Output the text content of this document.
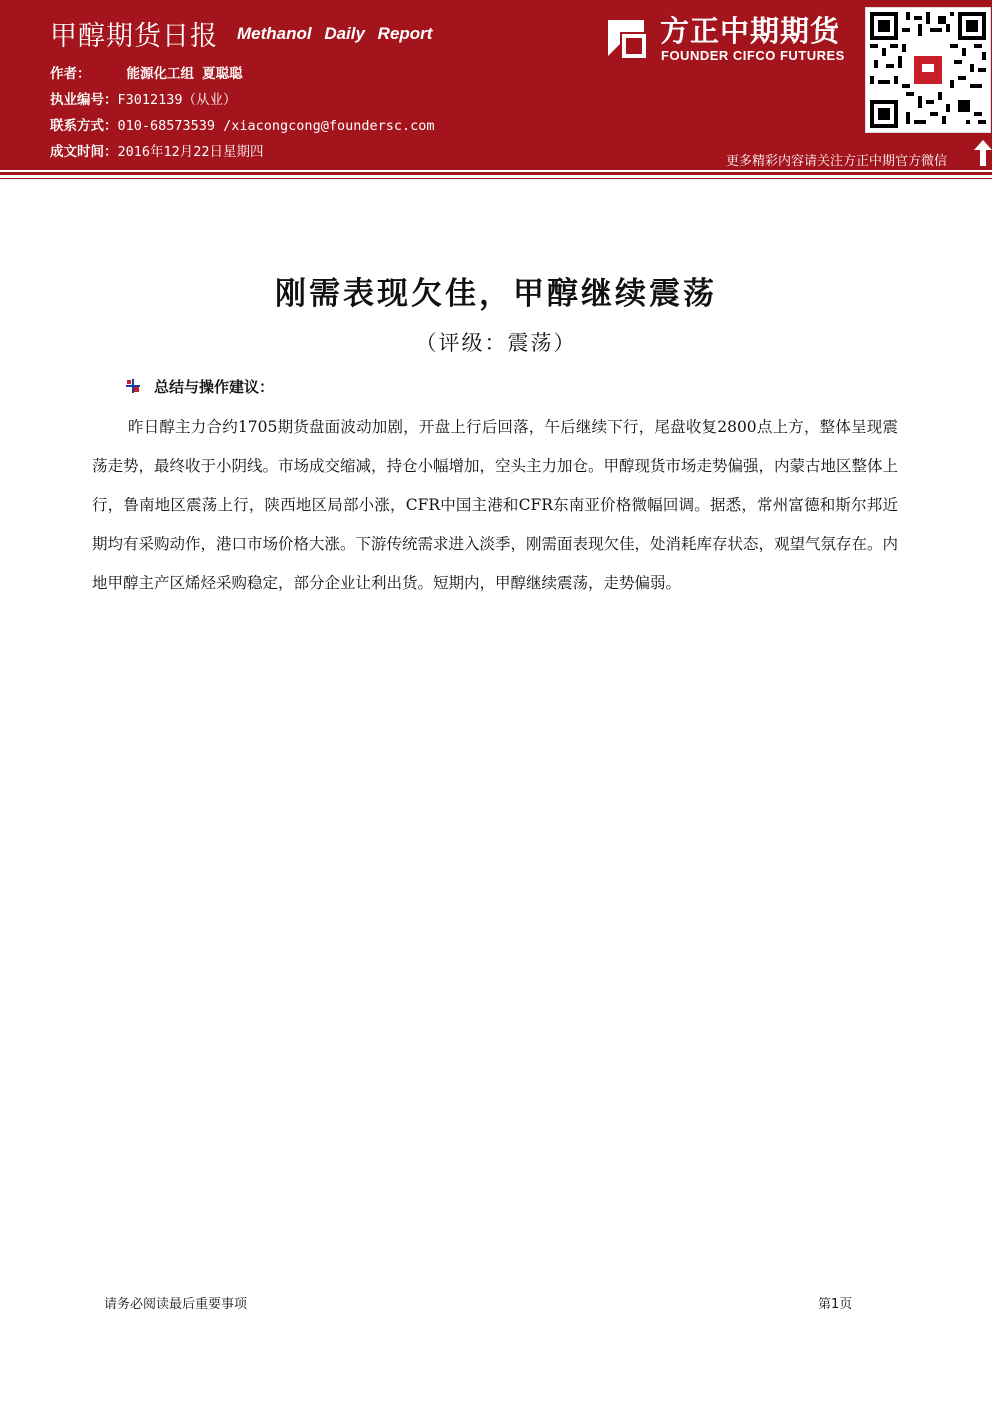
甲醇期货日报 Methanol Daily Report
作者：	能源化工组 夏聪聪
执业编号：F3012139（从业）
联系方式：010-68573539 /xiacongcong@foundersc.com
成文时间：2016年12月22日星期四
方正中期期货
FOUNDER CIFCO FUTURES
更多精彩内容请关注方正中期官方微信
刚需表现欠佳，甲醇继续震荡
（评级：震荡）
总结与操作建议：

昨日醇主力合约1705期货盘面波动加剧，开盘上行后回落，午后继续下行，尾盘收复2800点上方，整体呈现震荡走势，最终收于小阴线。市场成交缩减，持仓小幅增加，空头主力加仓。甲醇现货市场走势偏强，内蒙古地区整体上行，鲁南地区震荡上行，陕西地区局部小涨，CFR中国主港和CFR东南亚价格微幅回调。据悉，常州富德和斯尔邦近期均有采购动作，港口市场价格大涨。下游传统需求进入淡季，刚需面表现欠佳，处消耗库存状态，观望气氛存在。内地甲醇主产区烯烃采购稳定，部分企业让利出货。短期内，甲醇继续震荡，走势偏弱。

请务必阅读最后重要事项	第1页
